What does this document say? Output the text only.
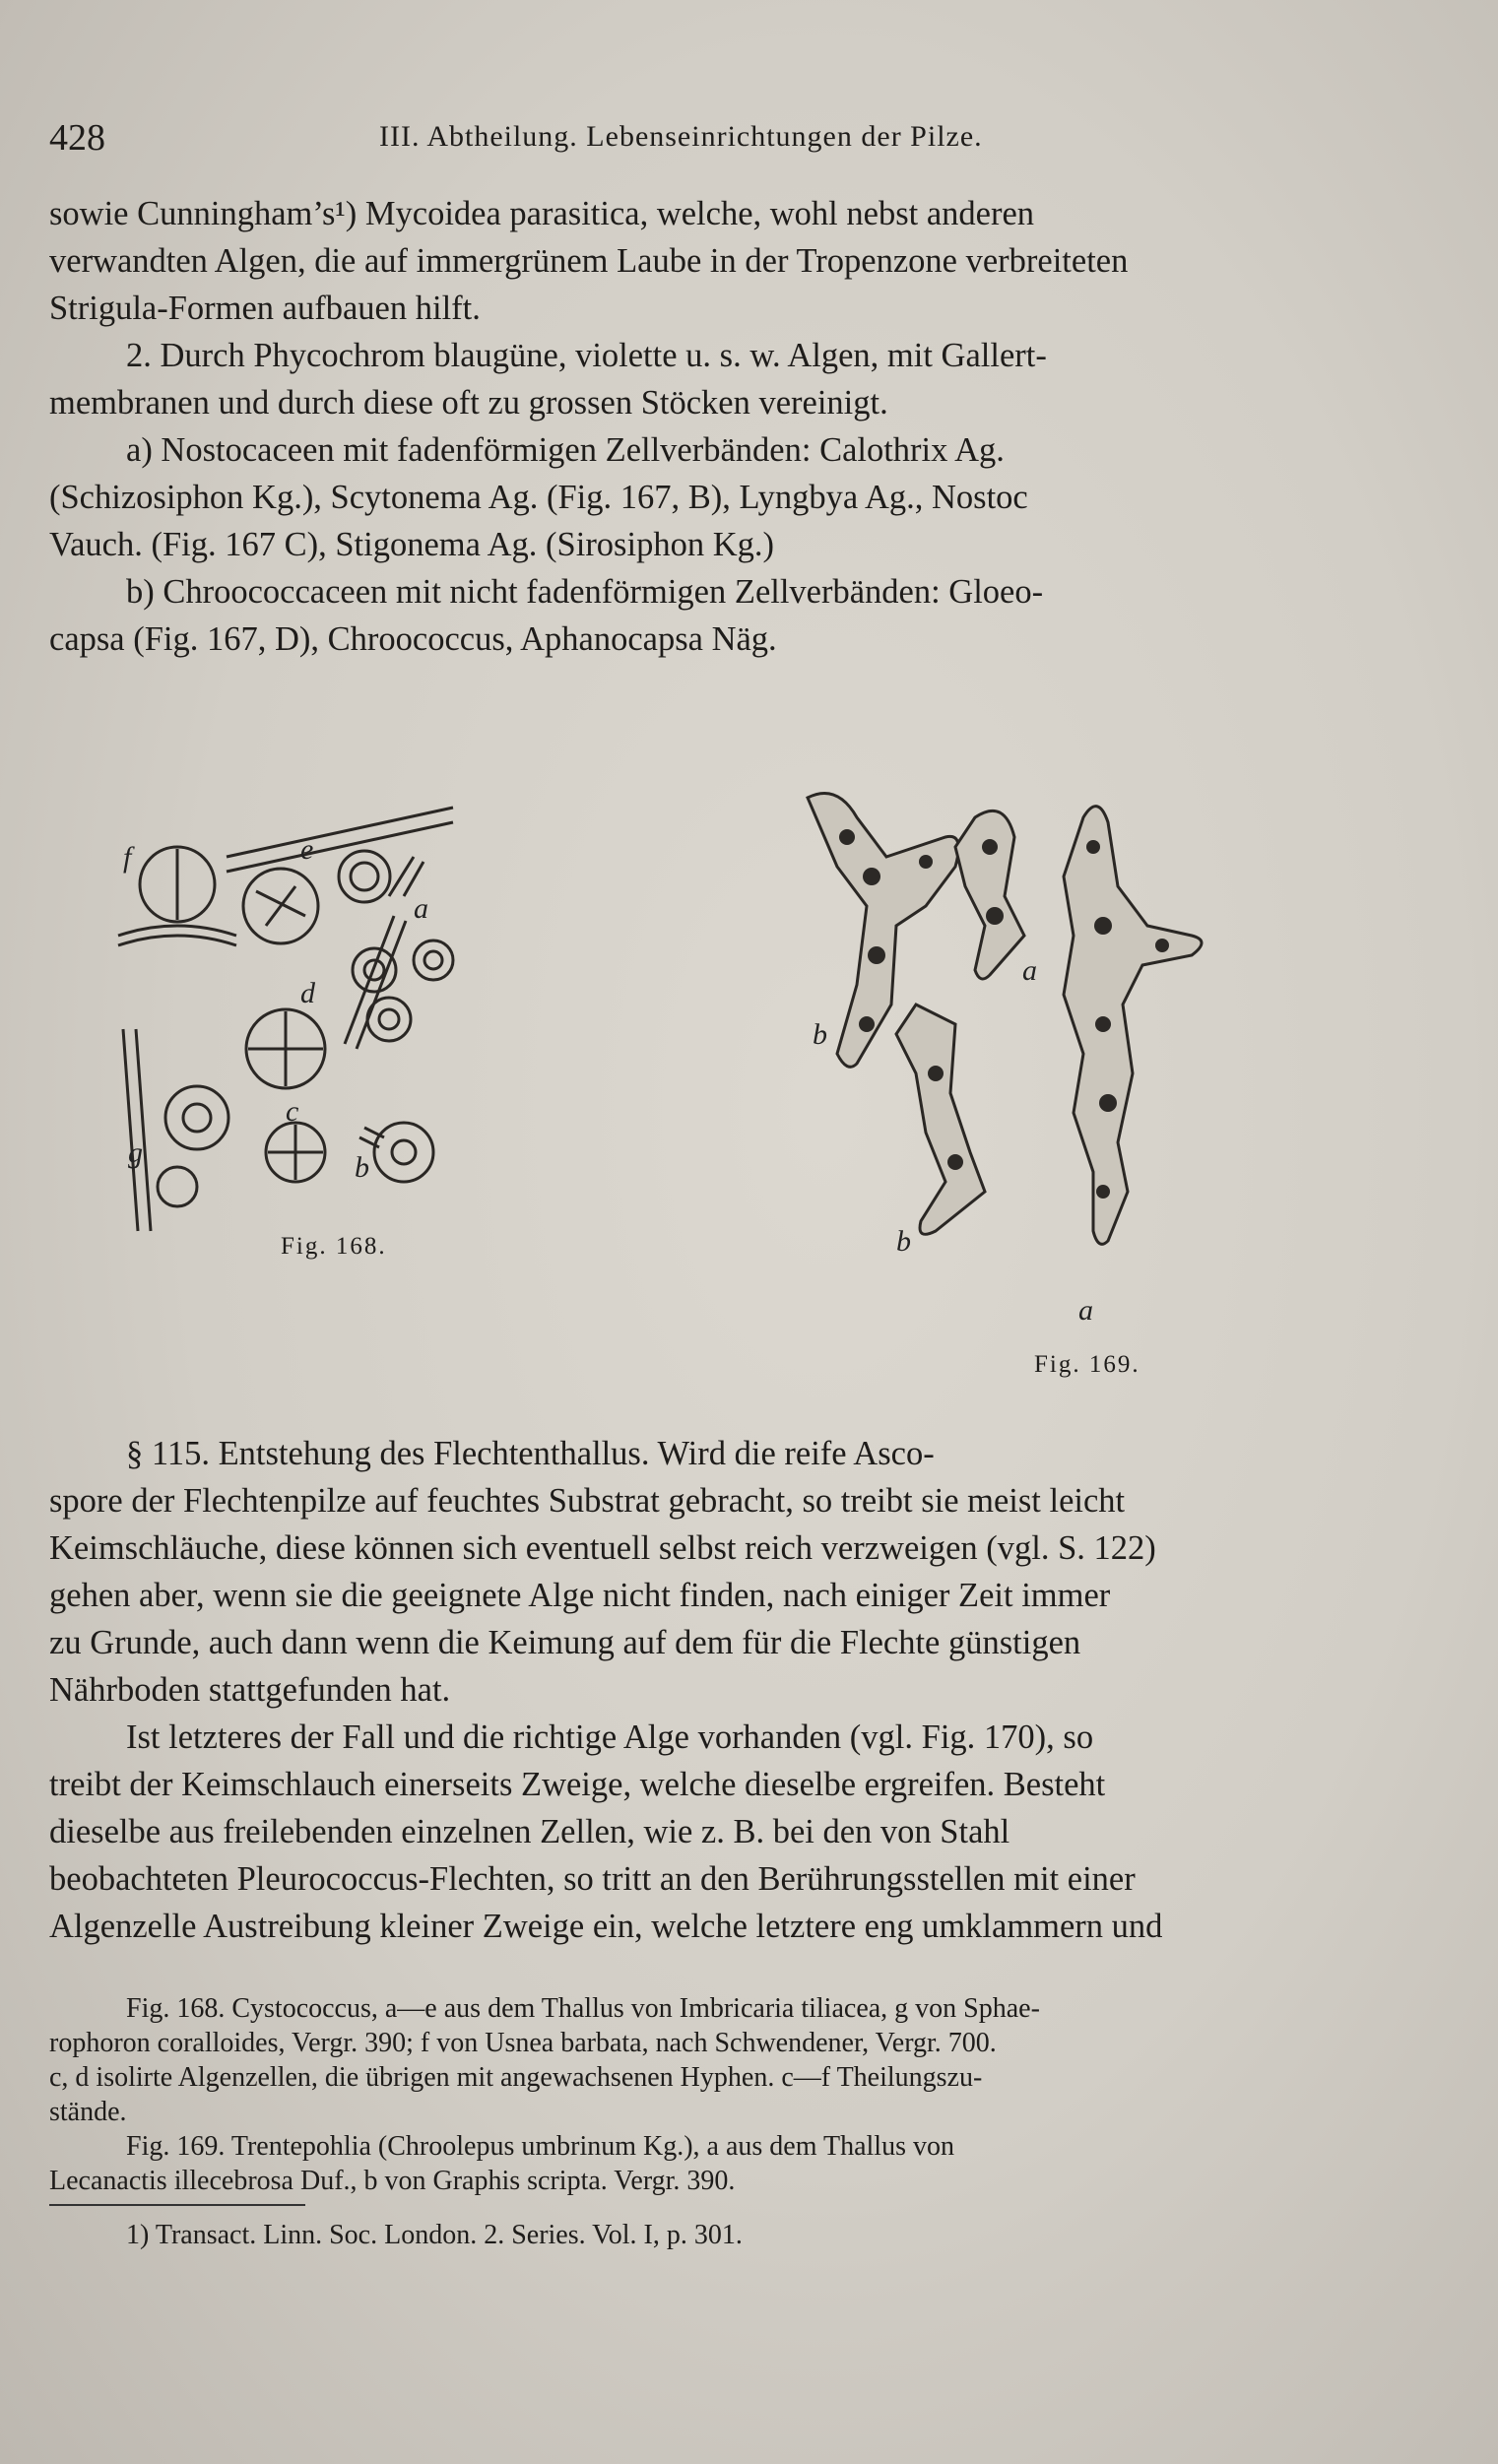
428	III. Abtheilung. Lebenseinrichtungen der Pilze.
sowie Cunningham’s¹) Mycoidea parasitica, welche, wohl nebst anderen
verwandten Algen, die auf immergrünem Laube in der Tropenzone verbreiteten
Strigula-Formen aufbauen hilft.
2. Durch Phycochrom blaugüne, violette u. s. w. Algen, mit Gallert-
membranen und durch diese oft zu grossen Stöcken vereinigt.
a) Nostocaceen mit fadenförmigen Zellverbänden: Calothrix Ag.
(Schizosiphon Kg.), Scytonema Ag. (Fig. 167, B), Lyngbya Ag., Nostoc
Vauch. (Fig. 167 C), Stigonema Ag. (Sirosiphon Kg.)
b) Chroococcaceen mit nicht fadenförmigen Zellverbänden: Gloeo-
capsa (Fig. 167, D), Chroococcus, Aphanocapsa Näg.
f	e
a
d
c
g	b
Fig. 168.
b
a
b
a
Fig. 169.
§ 115. Entstehung des Flechtenthallus. Wird die reife Asco-
spore der Flechtenpilze auf feuchtes Substrat gebracht, so treibt sie meist leicht
Keimschläuche, diese können sich eventuell selbst reich verzweigen (vgl. S. 122)
gehen aber, wenn sie die geeignete Alge nicht finden, nach einiger Zeit immer
zu Grunde, auch dann wenn die Keimung auf dem für die Flechte günstigen
Nährboden stattgefunden hat.
Ist letzteres der Fall und die richtige Alge vorhanden (vgl. Fig. 170), so
treibt der Keimschlauch einerseits Zweige, welche dieselbe ergreifen. Besteht
dieselbe aus freilebenden einzelnen Zellen, wie z. B. bei den von Stahl
beobachteten Pleurococcus-Flechten, so tritt an den Berührungsstellen mit einer
Algenzelle Austreibung kleiner Zweige ein, welche letztere eng umklammern und
Fig. 168. Cystococcus, a—e aus dem Thallus von Imbricaria tiliacea, g von Sphae-
rophoron coralloides, Vergr. 390; f von Usnea barbata, nach Schwendener, Vergr. 700.
c, d isolirte Algenzellen, die übrigen mit angewachsenen Hyphen. c—f Theilungszu-
stände.
Fig. 169. Trentepohlia (Chroolepus umbrinum Kg.), a aus dem Thallus von
Lecanactis illecebrosa Duf., b von Graphis scripta. Vergr. 390.
1) Transact. Linn. Soc. London. 2. Series. Vol. I, p. 301.
